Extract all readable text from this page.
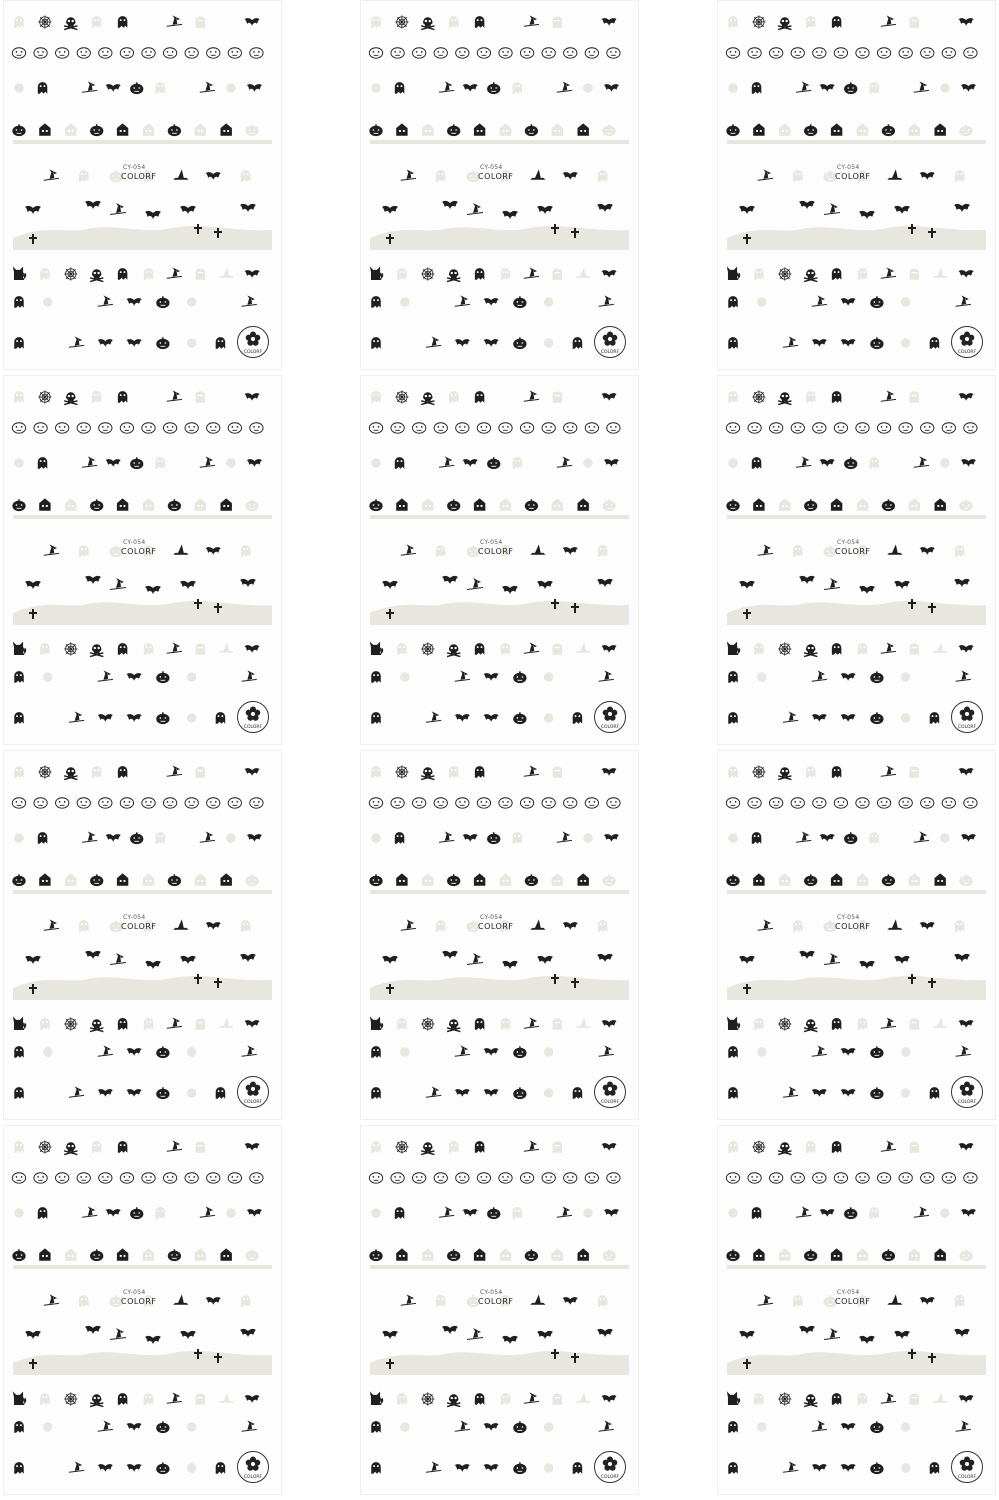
CY-054
COLORF
COLORF
CY-054
COLORF
COLORF
CY-054
COLORF
COLORF
CY-054
COLORF
COLORF
CY-054
COLORF
COLORF
CY-054
COLORF
COLORF
CY-054
COLORF
COLORF
CY-054
COLORF
COLORF
CY-054
COLORF
COLORF
CY-054
COLORF
COLORF
CY-054
COLORF
COLORF
CY-054
COLORF
COLORF
